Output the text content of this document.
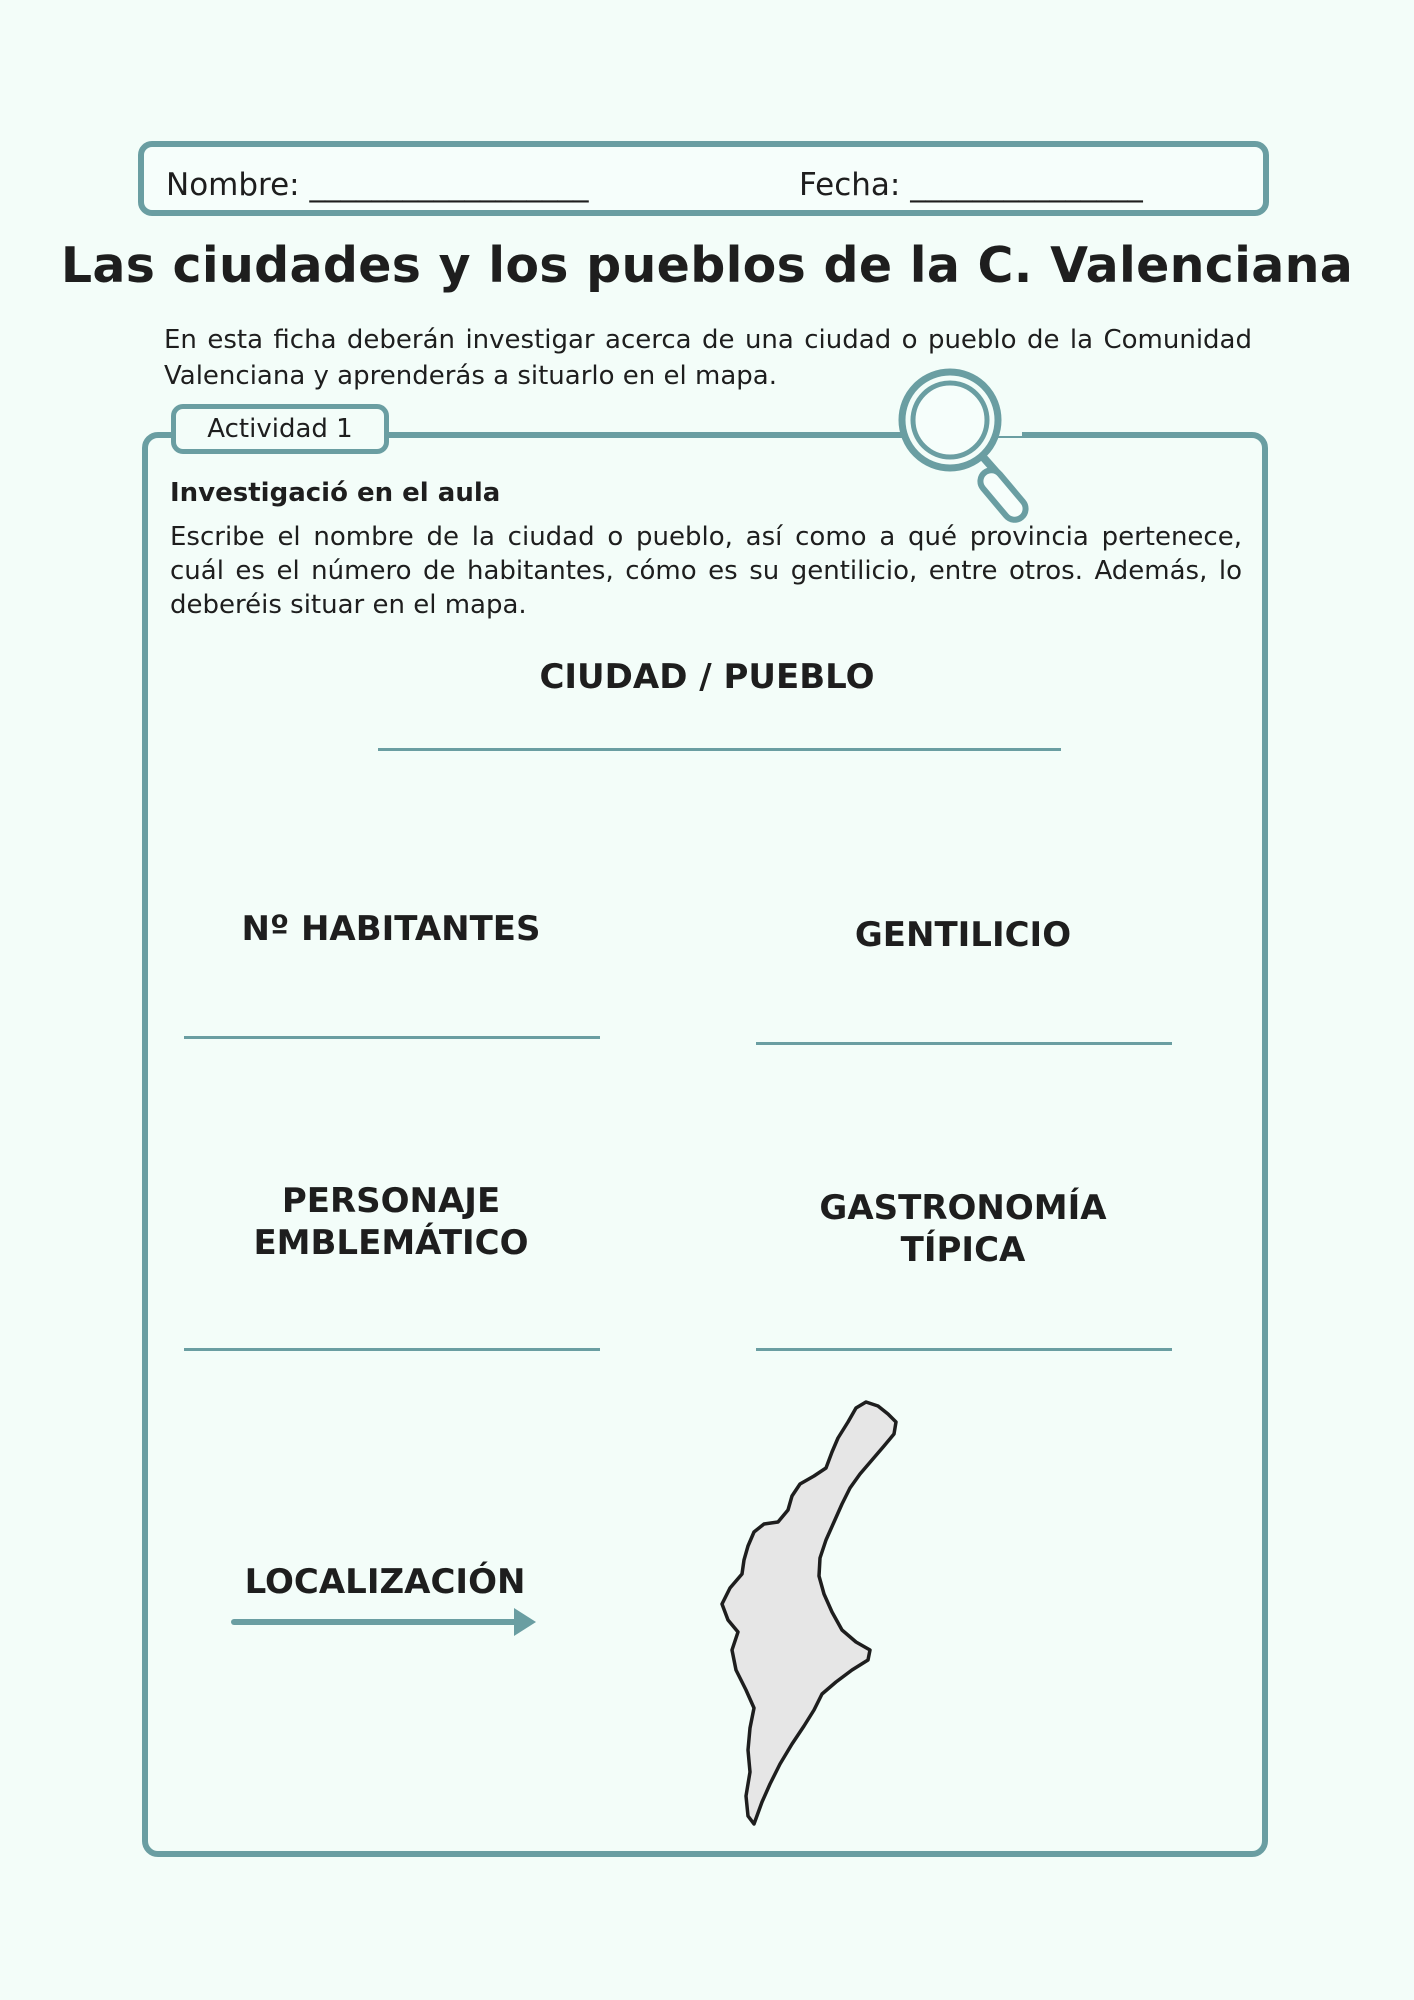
Nombre: __________________	Fecha: _______________
Las ciudades y los pueblos de la C. Valenciana
En esta ficha deberán investigar acerca de una ciudad o pueblo de la Comunidad Valenciana y aprenderás a situarlo en el mapa.
Actividad 1
Investigació en el aula
Escribe el nombre de la ciudad o pueblo, así como a qué provincia pertenece, cuál es el número de habitantes, cómo es su gentilicio, entre otros. Además, lo deberéis situar en el mapa.
CIUDAD / PUEBLO
Nº HABITANTES	GENTILICIO
PERSONAJE
EMBLEMÁTICO
GASTRONOMÍA
TÍPICA
LOCALIZACIÓN
